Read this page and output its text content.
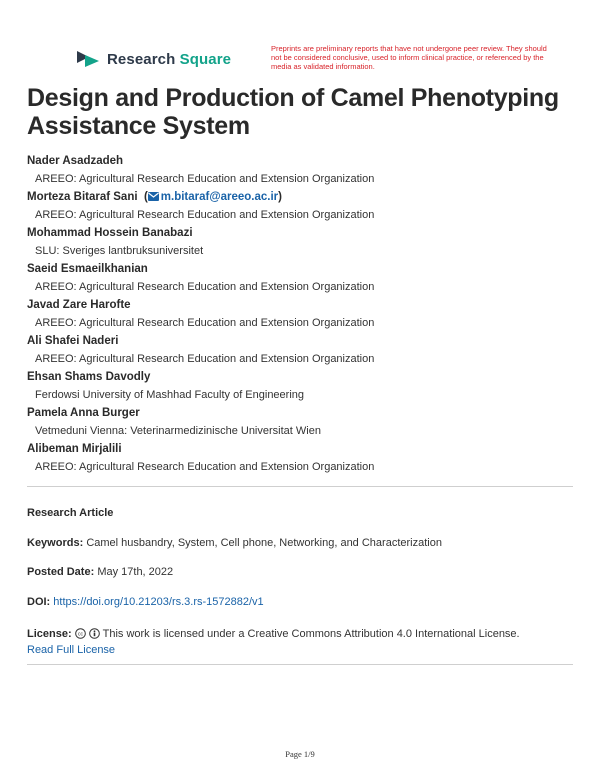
Research Square
Preprints are preliminary reports that have not undergone peer review. They should not be considered conclusive, used to inform clinical practice, or referenced by the media as validated information.
Design and Production of Camel Phenotyping Assistance System
Nader Asadzadeh
AREEO: Agricultural Research Education and Extension Organization
Morteza Bitaraf Sani  ( m.bitaraf@areeo.ac.ir)
AREEO: Agricultural Research Education and Extension Organization
Mohammad Hossein Banabazi
SLU: Sveriges lantbruksuniversitet
Saeid Esmaeilkhanian
AREEO: Agricultural Research Education and Extension Organization
Javad Zare Harofte
AREEO: Agricultural Research Education and Extension Organization
Ali Shafei Naderi
AREEO: Agricultural Research Education and Extension Organization
Ehsan Shams Davodly
Ferdowsi University of Mashhad Faculty of Engineering
Pamela Anna Burger
Vetmeduni Vienna: Veterinarmedizinische Universitat Wien
Alibeman Mirjalili
AREEO: Agricultural Research Education and Extension Organization
Research Article
Keywords: Camel husbandry, System, Cell phone, Networking, and Characterization
Posted Date: May 17th, 2022
DOI: https://doi.org/10.21203/rs.3.rs-1572882/v1
License: cc This work is licensed under a Creative Commons Attribution 4.0 International License.
Read Full License
Page 1/9
